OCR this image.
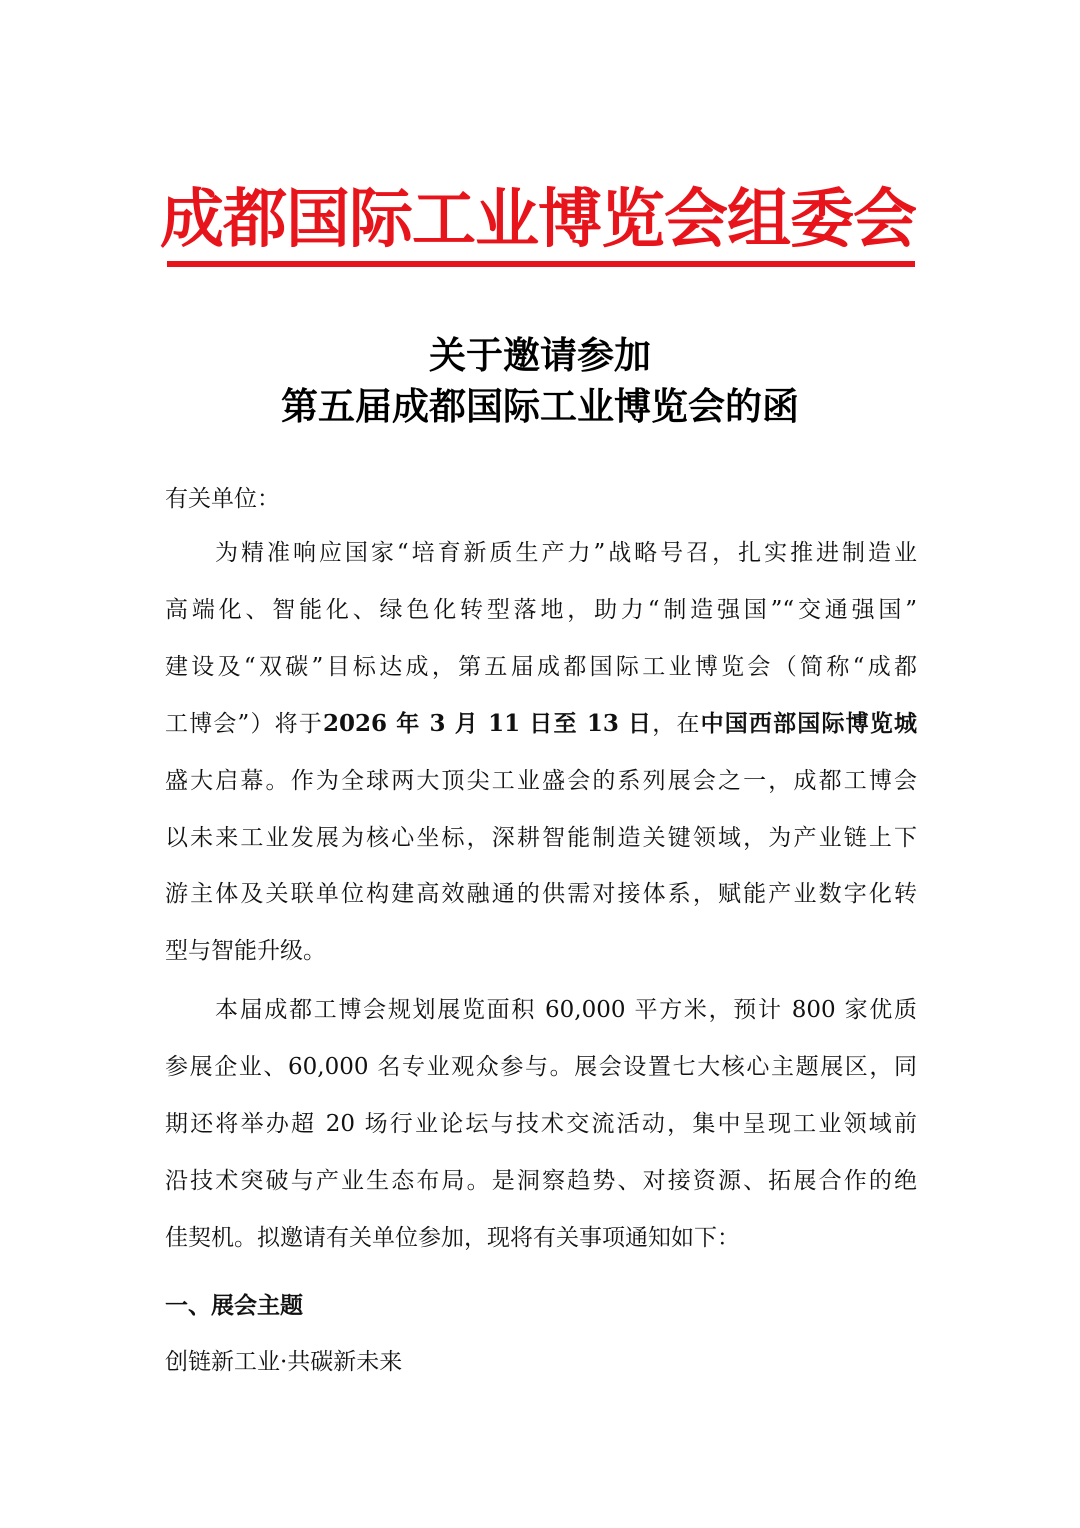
成都国际工业博览会组委会
关于邀请参加
第五届成都国际工业博览会的函

有关单位：

为精准响应国家“培育新质生产力”战略号召，扎实推进制造业
高端化、智能化、绿色化转型落地，助力“制造强国”“交通强国”
建设及“双碳”目标达成，第五届成都国际工业博览会（简称“成都
工博会”）将于2026 年 3 月 11 日至 13 日，在中国西部国际博览城
盛大启幕。作为全球两大顶尖工业盛会的系列展会之一，成都工博会
以未来工业发展为核心坐标，深耕智能制造关键领域，为产业链上下
游主体及关联单位构建高效融通的供需对接体系，赋能产业数字化转
型与智能升级。
本届成都工博会规划展览面积 60,000 平方米，预计 800 家优质
参展企业、60,000 名专业观众参与。展会设置七大核心主题展区，同
期还将举办超 20 场行业论坛与技术交流活动，集中呈现工业领域前
沿技术突破与产业生态布局。是洞察趋势、对接资源、拓展合作的绝
佳契机。拟邀请有关单位参加，现将有关事项通知如下：
一、展会主题

创链新工业·共碳新未来
